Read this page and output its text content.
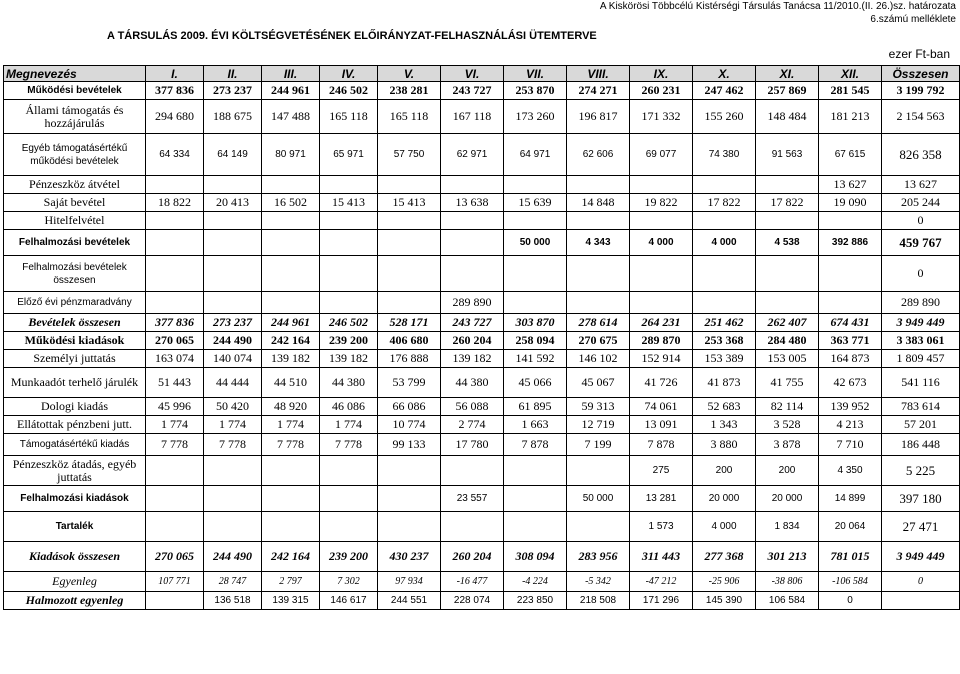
A Kiskörösi Többcélú Kistérségi Társulás Tanácsa 11/2010.(II. 26.)sz. határozata
6.számú melléklete
A TÁRSULÁS 2009. ÉVI KÖLTSÉGVETÉSÉNEK ELŐIRÁNYZAT-FELHASZNÁLÁSI ÜTEMTERVE
ezer Ft-ban
Megnevezés	I.	II.	III.	IV.	V.	VI.	VII.	VIII.	IX.	X.	XI.	XII.	Összesen
Működési bevételek	377 836	273 237	244 961	246 502	238 281	243 727	253 870	274 271	260 231	247 462	257 869	281 545	3 199 792
Állami támogatás és hozzájárulás	294 680	188 675	147 488	165 118	165 118	167 118	173 260	196 817	171 332	155 260	148 484	181 213	2 154 563
Egyéb támogatásértékű működési bevételek	64 334	64 149	80 971	65 971	57 750	62 971	64 971	62 606	69 077	74 380	91 563	67 615	826 358
Pénzeszköz átvétel												13 627	13 627
Saját bevétel	18 822	20 413	16 502	15 413	15 413	13 638	15 639	14 848	19 822	17 822	17 822	19 090	205 244
Hitelfelvétel													0
Felhalmozási bevételek							50 000	4 343	4 000	4 000	4 538	392 886	459 767
Felhalmozási bevételek összesen													0
Előző évi pénzmaradvány						289 890							289 890
Bevételek összesen	377 836	273 237	244 961	246 502	528 171	243 727	303 870	278 614	264 231	251 462	262 407	674 431	3 949 449
Működési kiadások	270 065	244 490	242 164	239 200	406 680	260 204	258 094	270 675	289 870	253 368	284 480	363 771	3 383 061
Személyi juttatás	163 074	140 074	139 182	139 182	176 888	139 182	141 592	146 102	152 914	153 389	153 005	164 873	1 809 457
Munkaadót terhelő járulék	51 443	44 444	44 510	44 380	53 799	44 380	45 066	45 067	41 726	41 873	41 755	42 673	541 116
Dologi kiadás	45 996	50 420	48 920	46 086	66 086	56 088	61 895	59 313	74 061	52 683	82 114	139 952	783 614
Ellátottak pénzbeni jutt.	1 774	1 774	1 774	1 774	10 774	2 774	1 663	12 719	13 091	1 343	3 528	4 213	57 201
Támogatásértékű kiadás	7 778	7 778	7 778	7 778	99 133	17 780	7 878	7 199	7 878	3 880	3 878	7 710	186 448
Pénzeszköz átadás, egyéb juttatás									275	200	200	4 350	5 225
Felhalmozási kiadások						23 557		50 000	13 281	20 000	20 000	14 899	397 180
Tartalék									1 573	4 000	1 834	20 064	27 471
Kiadások összesen	270 065	244 490	242 164	239 200	430 237	260 204	308 094	283 956	311 443	277 368	301 213	781 015	3 949 449
Egyenleg	107 771	28 747	2 797	7 302	97 934	-16 477	-4 224	-5 342	-47 212	-25 906	-38 806	-106 584	0
Halmozott egyenleg		136 518	139 315	146 617	244 551	228 074	223 850	218 508	171 296	145 390	106 584	0	
